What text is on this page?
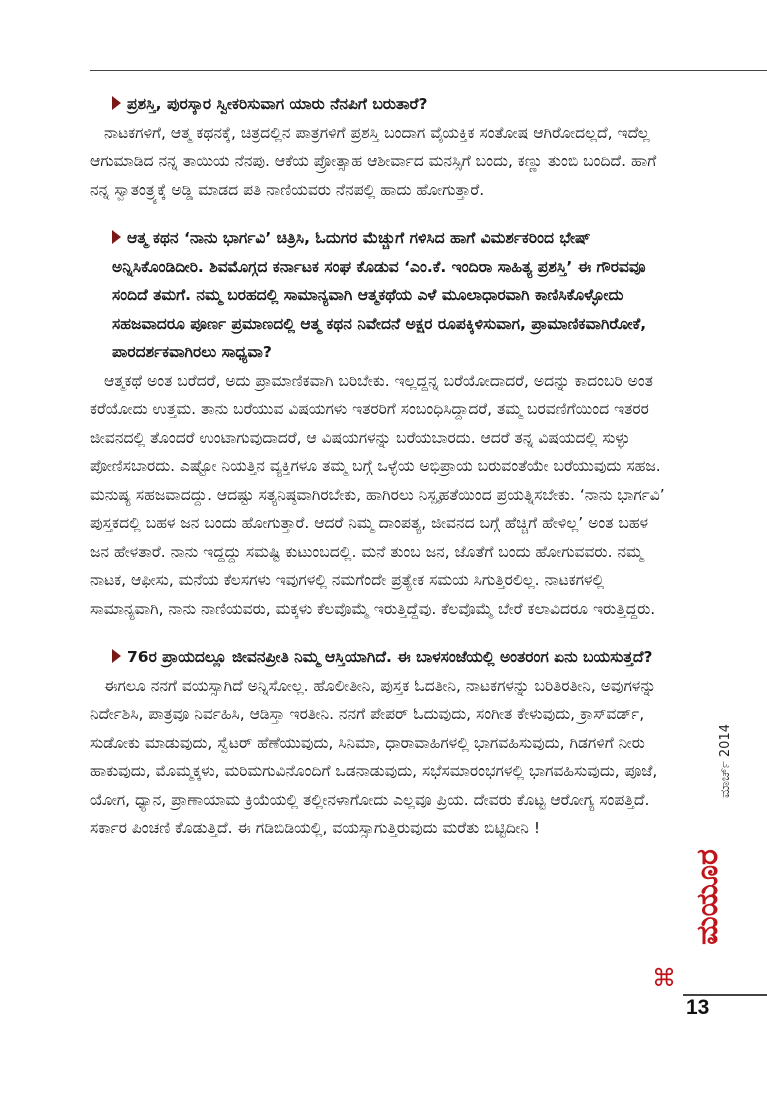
ಪ್ರಶಸ್ತಿ, ಪುರಸ್ಕಾರ ಸ್ವೀಕರಿಸುವಾಗ ಯಾರು ನೆನಪಿಗೆ ಬರುತಾರೆ?

ನಾಟಕಗಳಿಗೆ, ಆತ್ಮ ಕಥನಕ್ಕೆ, ಚಿತ್ರದಲ್ಲಿನ ಪಾತ್ರಗಳಿಗೆ ಪ್ರಶಸ್ತಿ ಬಂದಾಗ ವೈಯಕ್ತಿಕ ಸಂತೋಷ ಆಗಿರೋದಲ್ಲದೆ, ಇದೆಲ್ಲ ಆಗುಮಾಡಿದ ನನ್ನ ತಾಯಿಯ ನೆನಪು. ಆಕೆಯ ಪ್ರೋತ್ಸಾಹ ಆಶೀರ್ವಾದ ಮನಸ್ಸಿಗೆ ಬಂದು, ಕಣ್ಣು ತುಂಬಿ ಬಂದಿದೆ. ಹಾಗೆ ನನ್ನ ಸ್ವಾತಂತ್ರ್ಯಕ್ಕೆ ಅಡ್ಡಿ ಮಾಡದ ಪತಿ ನಾಣಿಯವರು ನೆನಪಲ್ಲಿ ಹಾದು ಹೋಗುತ್ತಾರೆ.

ಆತ್ಮ ಕಥನ ‘ನಾನು ಭಾರ್ಗವಿ’ ಚಿತ್ರಿಸಿ, ಓದುಗರ ಮೆಚ್ಚುಗೆ ಗಳಿಸಿದ ಹಾಗೆ ವಿಮರ್ಶಕರಿಂದ ಭೇಷ್ ಅನ್ನಿಸಿಕೊಂಡಿದೀರಿ. ಶಿವಮೊಗ್ಗದ ಕರ್ನಾಟಕ ಸಂಘ ಕೊಡುವ ‘ಎಂ.ಕೆ. ಇಂದಿರಾ ಸಾಹಿತ್ಯ ಪ್ರಶಸ್ತಿ’ ಈ ಗೌರವವೂ ಸಂದಿದೆ ತಮಗೆ. ನಮ್ಮ ಬರಹದಲ್ಲಿ ಸಾಮಾನ್ಯವಾಗಿ ಆತ್ಮಕಥೆಯ ಎಳೆ ಮೂಲಾಧಾರವಾಗಿ ಕಾಣಿಸಿಕೊಳ್ಳೋದು ಸಹಜವಾದರೂ ಪೂರ್ಣ ಪ್ರಮಾಣದಲ್ಲಿ ಆತ್ಮ ಕಥನ ನಿವೇದನೆ ಅಕ್ಷರ ರೂಪಕ್ಕಿಳಿಸುವಾಗ, ಪ್ರಾಮಾಣಿಕವಾಗಿರೋಕೆ, ಪಾರದರ್ಶಕವಾಗಿರಲು ಸಾಧ್ಯವಾ?

ಆತ್ಮಕಥೆ ಅಂತ ಬರೆದರೆ, ಅದು ಪ್ರಾಮಾಣಿಕವಾಗಿ ಬರಿಬೇಕು. ಇಲ್ಲದ್ದನ್ನ ಬರೆಯೋದಾದರೆ, ಅದನ್ನು ಕಾದಂಬರಿ ಅಂತ ಕರೆಯೋದು ಉತ್ತಮ. ತಾನು ಬರೆಯುವ ವಿಷಯಗಳು ಇತರರಿಗೆ ಸಂಬಂಧಿಸಿದ್ದಾದರೆ, ತಮ್ಮ ಬರವಣಿಗೆಯಿಂದ ಇತರರ ಜೀವನದಲ್ಲಿ ತೊಂದರೆ ಉಂಟಾಗುವುದಾದರೆ, ಆ ವಿಷಯಗಳನ್ನು ಬರೆಯಬಾರದು. ಆದರೆ ತನ್ನ ವಿಷಯದಲ್ಲಿ ಸುಳ್ಳು ಪೋಣಿಸಬಾರದು. ಎಷ್ಟೋ ನಿಯತ್ತಿನ ವ್ಯಕ್ತಿಗಳೂ ತಮ್ಮ ಬಗ್ಗೆ ಒಳ್ಳೆಯ ಅಭಿಪ್ರಾಯ ಬರುವಂತೆಯೇ ಬರೆಯುವುದು ಸಹಜ. ಮನುಷ್ಯ ಸಹಜವಾದದ್ದು. ಆದಷ್ಟು ಸತ್ಯನಿಷ್ಠವಾಗಿರಬೇಕು, ಹಾಗಿರಲು ನಿಸ್ಪೃಹತೆಯಿಂದ ಪ್ರಯತ್ನಿಸಬೇಕು. ‘ನಾನು ಭಾರ್ಗವಿ’ ಪುಸ್ತಕದಲ್ಲಿ ಬಹಳ ಜನ ಬಂದು ಹೋಗುತ್ತಾರೆ. ಆದರೆ ನಿಮ್ಮ ದಾಂಪತ್ಯ, ಜೀವನದ ಬಗ್ಗೆ ಹೆಚ್ಚಿಗೆ ಹೇಳಿಲ್ಲ’ ಅಂತ ಬಹಳ ಜನ ಹೇಳತಾರೆ. ನಾನು ಇದ್ದದ್ದು ಸಮಷ್ಟಿ ಕುಟುಂಬದಲ್ಲಿ. ಮನೆ ತುಂಬ ಜನ, ಜೊತೆಗೆ ಬಂದು ಹೋಗುವವರು. ನಮ್ಮ ನಾಟಕ, ಆಫೀಸು, ಮನೆಯ ಕೆಲಸಗಳು ಇವುಗಳಲ್ಲಿ ನಮಗೆಂದೇ ಪ್ರತ್ಯೇಕ ಸಮಯ ಸಿಗುತ್ತಿರಲಿಲ್ಲ. ನಾಟಕಗಳಲ್ಲಿ ಸಾಮಾನ್ಯವಾಗಿ, ನಾನು ನಾಣಿಯವರು, ಮಕ್ಕಳು ಕೆಲವೊಮ್ಮೆ ಇರುತ್ತಿದ್ದೆವು. ಕೆಲವೊಮ್ಮೆ ಬೇರೆ ಕಲಾವಿದರೂ ಇರುತ್ತಿದ್ದರು.

76ರ ಪ್ರಾಯದಲ್ಲೂ ಜೀವನಪ್ರೀತಿ ನಿಮ್ಮ ಆಸ್ತಿಯಾಗಿದೆ. ಈ ಬಾಳಸಂಜೆಯಲ್ಲಿ ಅಂತರಂಗ ಏನು ಬಯಸುತ್ತದೆ?

ಈಗಲೂ ನನಗೆ ವಯಸ್ಸಾಗಿದೆ ಅನ್ನಿಸೋಲ್ಲ. ಹೊಲೀತೀನಿ, ಪುಸ್ತಕ ಓದತೀನಿ, ನಾಟಕಗಳನ್ನು ಬರಿತಿರತೀನಿ, ಅವುಗಳನ್ನು ನಿರ್ದೇಶಿಸಿ, ಪಾತ್ರವೂ ನಿರ್ವಹಿಸಿ, ಆಡಿಸ್ತಾ ಇರತೀನಿ. ನನಗೆ ಪೇಪರ್ ಓದುವುದು, ಸಂಗೀತ ಕೇಳುವುದು, ಕ್ರಾಸ್‌ವರ್ಡ್, ಸುಡೋಕು ಮಾಡುವುದು, ಸ್ವೆಟರ್ ಹೆಣೆಯುವುದು, ಸಿನಿಮಾ, ಧಾರಾವಾಹಿಗಳಲ್ಲಿ ಭಾಗವಹಿಸುವುದು, ಗಿಡಗಳಿಗೆ ನೀರು ಹಾಕುವುದು, ಮೊಮ್ಮಕ್ಕಳು, ಮರಿಮಗುವಿನೊಂದಿಗೆ ಒಡನಾಡುವುದು, ಸಭೆಸಮಾರಂಭಗಳಲ್ಲಿ ಭಾಗವಹಿಸುವುದು, ಪೂಜೆ, ಯೋಗ, ಧ್ಯಾನ, ಪ್ರಾಣಾಯಾಮ ಕ್ರಿಯೆಯಲ್ಲಿ ತಲ್ಲೀನಳಾಗೋದು ಎಲ್ಲವೂ ಪ್ರಿಯ. ದೇವರು ಕೊಟ್ಟ ಆರೋಗ್ಯ ಸಂಪತ್ತಿದೆ. ಸರ್ಕಾರ ಪಿಂಚಣಿ ಕೊಡುತ್ತಿದೆ. ಈ ಗಡಿಬಿಡಿಯಲ್ಲಿ, ವಯಸ್ಸಾಗುತ್ತಿರುವುದು ಮರೆತು ಬಿಟ್ಟಿದೀನಿ !

ಮಾರ್ಚ್ 2014
ಮಯೂರ
⌘
13
